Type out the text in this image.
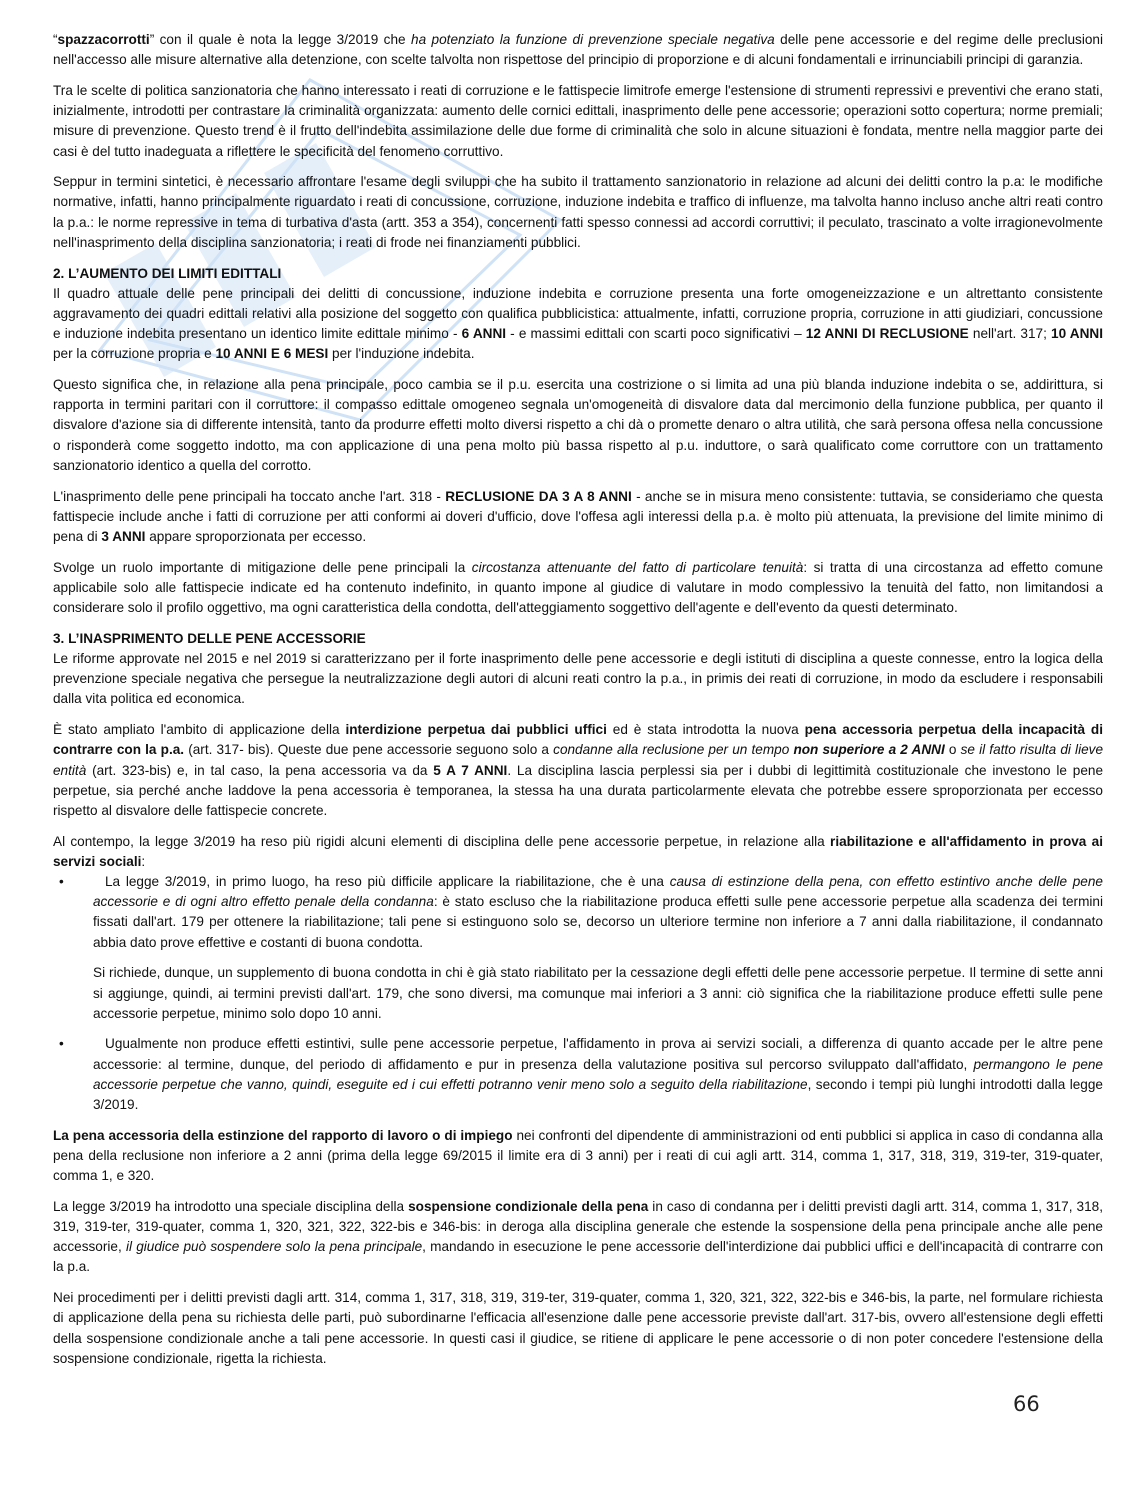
“spazzacorrotti” con il quale è nota la legge 3/2019 che ha potenziato la funzione di prevenzione speciale negativa delle pene accessorie e del regime delle preclusioni nell'accesso alle misure alternative alla detenzione, con scelte talvolta non rispettose del principio di proporzione e di alcuni fondamentali e irrinunciabili principi di garanzia.

Tra le scelte di politica sanzionatoria che hanno interessato i reati di corruzione e le fattispecie limitrofe emerge l'estensione di strumenti repressivi e preventivi che erano stati, inizialmente, introdotti per contrastare la criminalità organizzata: aumento delle cornici edittali, inasprimento delle pene accessorie; operazioni sotto copertura; norme premiali; misure di prevenzione. Questo trend è il frutto dell'indebita assimilazione delle due forme di criminalità che solo in alcune situazioni è fondata, mentre nella maggior parte dei casi è del tutto inadeguata a riflettere le specificità del fenomeno corruttivo.

Seppur in termini sintetici, è necessario affrontare l'esame degli sviluppi che ha subito il trattamento sanzionatorio in relazione ad alcuni dei delitti contro la p.a: le modifiche normative, infatti, hanno principalmente riguardato i reati di concussione, corruzione, induzione indebita e traffico di influenze, ma talvolta hanno incluso anche altri reati contro la p.a.: le norme repressive in tema di turbativa d'asta (artt. 353 a 354), concernenti fatti spesso connessi ad accordi corruttivi; il peculato, trascinato a volte irragionevolmente nell'inasprimento della disciplina sanzionatoria; i reati di frode nei finanziamenti pubblici.

2. L’AUMENTO DEI LIMITI EDITTALI

Il quadro attuale delle pene principali dei delitti di concussione, induzione indebita e corruzione presenta una forte omogeneizzazione e un altrettanto consistente aggravamento dei quadri edittali relativi alla posizione del soggetto con qualifica pubblicistica: attualmente, infatti, corruzione propria, corruzione in atti giudiziari, concussione e induzione indebita presentano un identico limite edittale minimo - 6 ANNI - e massimi edittali con scarti poco significativi – 12 ANNI DI RECLUSIONE nell'art. 317; 10 ANNI per la corruzione propria e 10 ANNI E 6 MESI per l'induzione indebita.

Questo significa che, in relazione alla pena principale, poco cambia se il p.u. esercita una costrizione o si limita ad una più blanda induzione indebita o se, addirittura, si rapporta in termini paritari con il corruttore: il compasso edittale omogeneo segnala un'omogeneità di disvalore data dal mercimonio della funzione pubblica, per quanto il disvalore d'azione sia di differente intensità, tanto da produrre effetti molto diversi rispetto a chi dà o promette denaro o altra utilità, che sarà persona offesa nella concussione o risponderà come soggetto indotto, ma con applicazione di una pena molto più bassa rispetto al p.u. induttore, o sarà qualificato come corruttore con un trattamento sanzionatorio identico a quella del corrotto.

L'inasprimento delle pene principali ha toccato anche l'art. 318 - RECLUSIONE DA 3 A 8 ANNI - anche se in misura meno consistente: tuttavia, se consideriamo che questa fattispecie include anche i fatti di corruzione per atti conformi ai doveri d'ufficio, dove l'offesa agli interessi della p.a. è molto più attenuata, la previsione del limite minimo di pena di 3 ANNI appare sproporzionata per eccesso.

Svolge un ruolo importante di mitigazione delle pene principali la circostanza attenuante del fatto di particolare tenuità: si tratta di una circostanza ad effetto comune applicabile solo alle fattispecie indicate ed ha contenuto indefinito, in quanto impone al giudice di valutare in modo complessivo la tenuità del fatto, non limitandosi a considerare solo il profilo oggettivo, ma ogni caratteristica della condotta, dell'atteggiamento soggettivo dell'agente e dell'evento da questi determinato.

3. L’INASPRIMENTO DELLE PENE ACCESSORIE

Le riforme approvate nel 2015 e nel 2019 si caratterizzano per il forte inasprimento delle pene accessorie e degli istituti di disciplina a queste connesse, entro la logica della prevenzione speciale negativa che persegue la neutralizzazione degli autori di alcuni reati contro la p.a., in primis dei reati di corruzione, in modo da escludere i responsabili dalla vita politica ed economica.

È stato ampliato l'ambito di applicazione della interdizione perpetua dai pubblici uffici ed è stata introdotta la nuova pena accessoria perpetua della incapacità di contrarre con la p.a. (art. 317- bis). Queste due pene accessorie seguono solo a condanne alla reclusione per un tempo non superiore a 2 ANNI o se il fatto risulta di lieve entità (art. 323-bis) e, in tal caso, la pena accessoria va da 5 A 7 ANNI. La disciplina lascia perplessi sia per i dubbi di legittimità costituzionale che investono le pene perpetue, sia perché anche laddove la pena accessoria è temporanea, la stessa ha una durata particolarmente elevata che potrebbe essere sproporzionata per eccesso rispetto al disvalore delle fattispecie concrete.

Al contempo, la legge 3/2019 ha reso più rigidi alcuni elementi di disciplina delle pene accessorie perpetue, in relazione alla riabilitazione e all'affidamento in prova ai servizi sociali:

•	La legge 3/2019, in primo luogo, ha reso più difficile applicare la riabilitazione, che è una causa di estinzione della pena, con effetto estintivo anche delle pene accessorie e di ogni altro effetto penale della condanna: è stato escluso che la riabilitazione produca effetti sulle pene accessorie perpetue alla scadenza dei termini fissati dall'art. 179 per ottenere la riabilitazione; tali pene si estinguono solo se, decorso un ulteriore termine non inferiore a 7 anni dalla riabilitazione, il condannato abbia dato prove effettive e costanti di buona condotta.

Si richiede, dunque, un supplemento di buona condotta in chi è già stato riabilitato per la cessazione degli effetti delle pene accessorie perpetue. Il termine di sette anni si aggiunge, quindi, ai termini previsti dall'art. 179, che sono diversi, ma comunque mai inferiori a 3 anni: ciò significa che la riabilitazione produce effetti sulle pene accessorie perpetue, minimo solo dopo 10 anni.

•	Ugualmente non produce effetti estintivi, sulle pene accessorie perpetue, l'affidamento in prova ai servizi sociali, a differenza di quanto accade per le altre pene accessorie: al termine, dunque, del periodo di affidamento e pur in presenza della valutazione positiva sul percorso sviluppato dall'affidato, permangono le pene accessorie perpetue che vanno, quindi, eseguite ed i cui effetti potranno venir meno solo a seguito della riabilitazione, secondo i tempi più lunghi introdotti dalla legge 3/2019.

La pena accessoria della estinzione del rapporto di lavoro o di impiego nei confronti del dipendente di amministrazioni od enti pubblici si applica in caso di condanna alla pena della reclusione non inferiore a 2 anni (prima della legge 69/2015 il limite era di 3 anni) per i reati di cui agli artt. 314, comma 1, 317, 318, 319, 319-ter, 319-quater, comma 1, e 320.

La legge 3/2019 ha introdotto una speciale disciplina della sospensione condizionale della pena in caso di condanna per i delitti previsti dagli artt. 314, comma 1, 317, 318, 319, 319-ter, 319-quater, comma 1, 320, 321, 322, 322-bis e 346-bis: in deroga alla disciplina generale che estende la sospensione della pena principale anche alle pene accessorie, il giudice può sospendere solo la pena principale, mandando in esecuzione le pene accessorie dell'interdizione dai pubblici uffici e dell'incapacità di contrarre con la p.a.

Nei procedimenti per i delitti previsti dagli artt. 314, comma 1, 317, 318, 319, 319-ter, 319-quater, comma 1, 320, 321, 322, 322-bis e 346-bis, la parte, nel formulare richiesta di applicazione della pena su richiesta delle parti, può subordinarne l'efficacia all'esenzione dalle pene accessorie previste dall'art. 317-bis, ovvero all'estensione degli effetti della sospensione condizionale anche a tali pene accessorie. In questi casi il giudice, se ritiene di applicare le pene accessorie o di non poter concedere l'estensione della sospensione condizionale, rigetta la richiesta.

66
